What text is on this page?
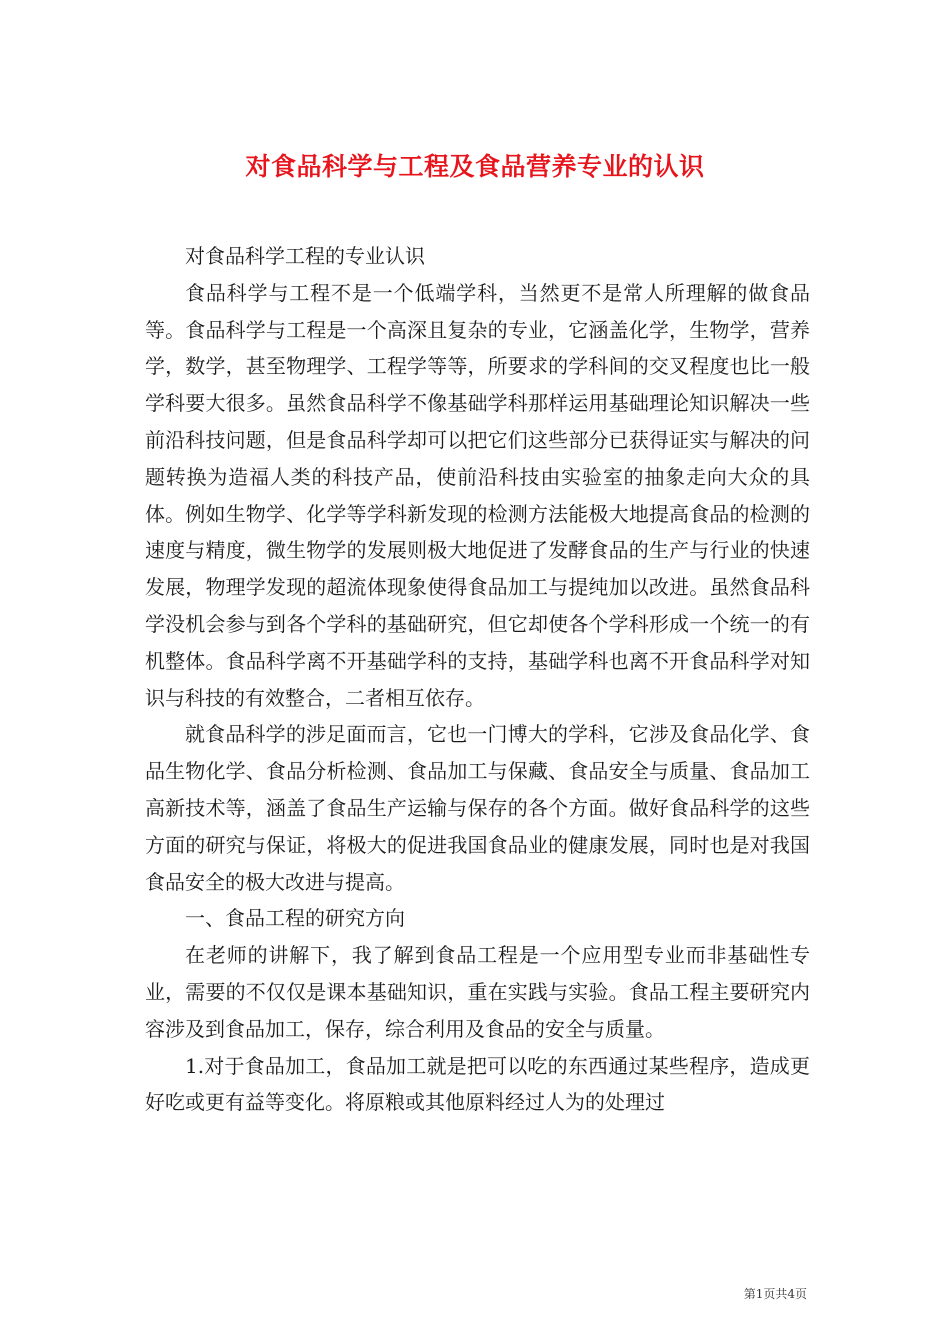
对食品科学与工程及食品营养专业的认识

对食品科学工程的专业认识

食品科学与工程不是一个低端学科，当然更不是常人所理解的做食品等。食品科学与工程是一个高深且复杂的专业，它涵盖化学，生物学，营养学，数学，甚至物理学、工程学等等，所要求的学科间的交叉程度也比一般学科要大很多。虽然食品科学不像基础学科那样运用基础理论知识解决一些前沿科技问题，但是食品科学却可以把它们这些部分已获得证实与解决的问题转换为造福人类的科技产品，使前沿科技由实验室的抽象走向大众的具体。例如生物学、化学等学科新发现的检测方法能极大地提高食品的检测的速度与精度，微生物学的发展则极大地促进了发酵食品的生产与行业的快速发展，物理学发现的超流体现象使得食品加工与提纯加以改进。虽然食品科学没机会参与到各个学科的基础研究，但它却使各个学科形成一个统一的有机整体。食品科学离不开基础学科的支持，基础学科也离不开食品科学对知识与科技的有效整合，二者相互依存。

就食品科学的涉足面而言，它也一门博大的学科，它涉及食品化学、食品生物化学、食品分析检测、食品加工与保藏、食品安全与质量、食品加工高新技术等，涵盖了食品生产运输与保存的各个方面。做好食品科学的这些方面的研究与保证，将极大的促进我国食品业的健康发展，同时也是对我国食品安全的极大改进与提高。

一、食品工程的研究方向

在老师的讲解下，我了解到食品工程是一个应用型专业而非基础性专业，需要的不仅仅是课本基础知识，重在实践与实验。食品工程主要研究内容涉及到食品加工，保存，综合利用及食品的安全与质量。

1.对于食品加工，食品加工就是把可以吃的东西通过某些程序，造成更好吃或更有益等变化。将原粮或其他原料经过人为的处理过

第1页共4页
